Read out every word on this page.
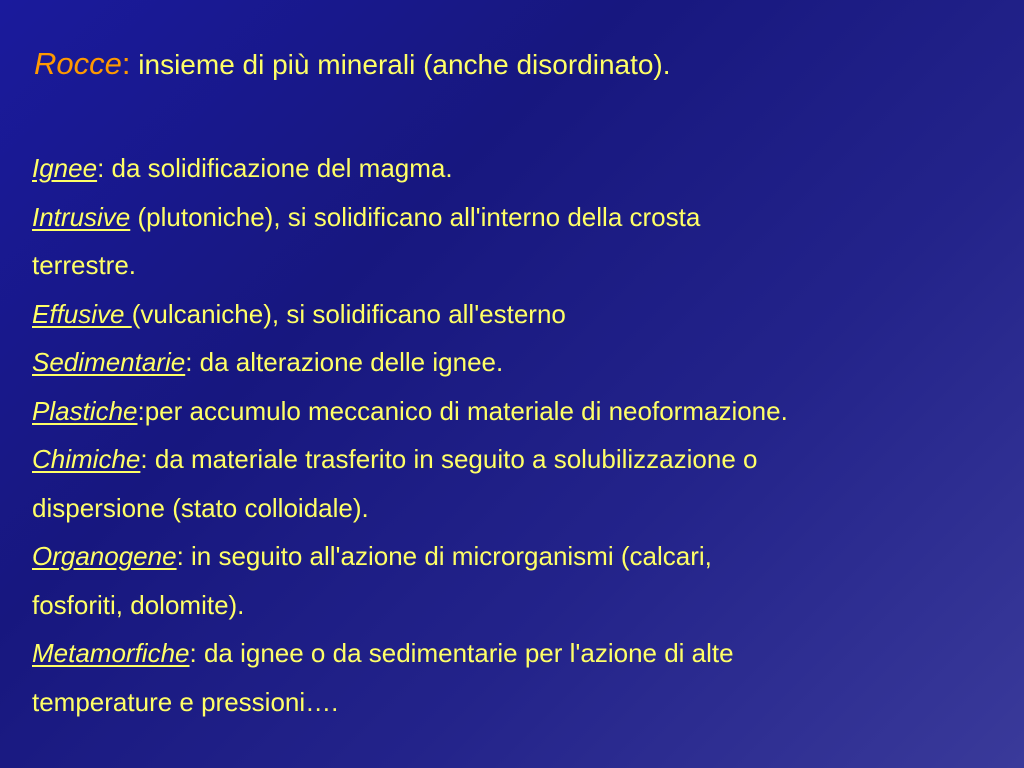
Rocce: insieme di più minerali (anche disordinato).
Ignee: da solidificazione del magma.
Intrusive (plutoniche), si solidificano all'interno della crosta
terrestre.
Effusive (vulcaniche), si solidificano all'esterno
Sedimentarie: da alterazione delle ignee.
Plastiche:per accumulo meccanico di materiale di neoformazione.
Chimiche: da materiale trasferito in seguito a solubilizzazione o
dispersione (stato colloidale).
Organogene: in seguito all'azione di microrganismi (calcari,
fosforiti, dolomite).
Metamorfiche: da ignee o da sedimentarie per l'azione di alte
temperature e pressioni….
